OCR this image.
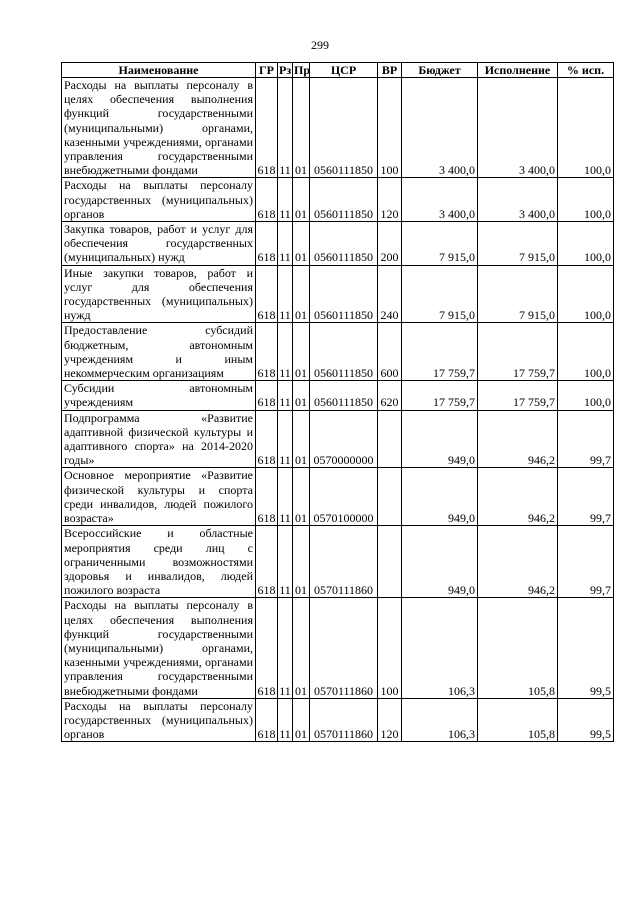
299
Наименование	ГР	Рз	Пр	ЦСР	ВР	Бюджет	Исполнение	% исп.

Расходы на выплаты персоналу в целях обеспечения выполнения функций государственными (муниципальными) органами, казенными учреждениями, органами управления государственными внебюджетными фондами	618	11	01	0560111850	100	3 400,0	3 400,0	100,0

Расходы на выплаты персоналу государственных (муниципальных) органов	618	11	01	0560111850	120	3 400,0	3 400,0	100,0

Закупка товаров, работ и услуг для обеспечения государственных (муниципальных) нужд	618	11	01	0560111850	200	7 915,0	7 915,0	100,0

Иные закупки товаров, работ и услуг для обеспечения государственных (муниципальных) нужд	618	11	01	0560111850	240	7 915,0	7 915,0	100,0

Предоставление субсидий бюджетным, автономным учреждениям и иным некоммерческим организациям	618	11	01	0560111850	600	17 759,7	17 759,7	100,0

Субсидии автономным учреждениям	618	11	01	0560111850	620	17 759,7	17 759,7	100,0

Подпрограмма «Развитие адаптивной физической культуры и адаптивного спорта» на 2014-2020 годы»	618	11	01	0570000000		949,0	946,2	99,7

Основное мероприятие «Развитие физической культуры и спорта среди инвалидов, людей пожилого возраста»	618	11	01	0570100000		949,0	946,2	99,7

Всероссийские и областные мероприятия среди лиц с ограниченными возможностями здоровья и инвалидов, людей пожилого возраста	618	11	01	0570111860		949,0	946,2	99,7

Расходы на выплаты персоналу в целях обеспечения выполнения функций государственными (муниципальными) органами, казенными учреждениями, органами управления государственными внебюджетными фондами	618	11	01	0570111860	100	106,3	105,8	99,5

Расходы на выплаты персоналу государственных (муниципальных) органов	618	11	01	0570111860	120	106,3	105,8	99,5
